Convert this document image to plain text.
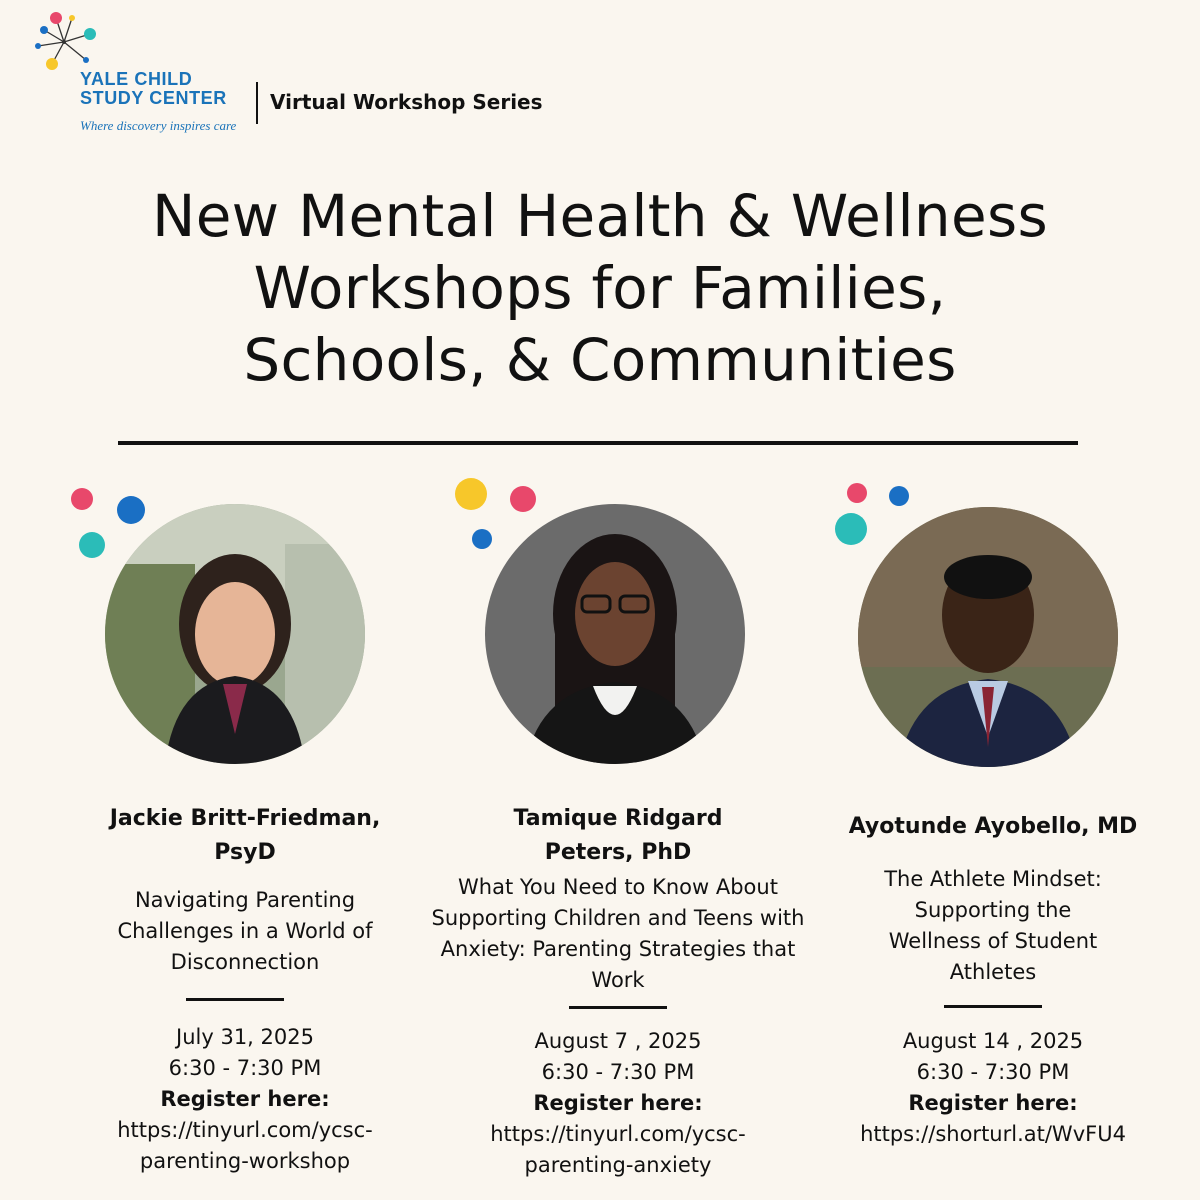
YALE CHILD
STUDY CENTER
Where discovery inspires care
Virtual Workshop Series
New Mental Health & Wellness
Workshops for Families,
Schools, & Communities
Jackie Britt-Friedman,
PsyD
Navigating Parenting
Challenges in a World of
Disconnection
July 31, 2025
6:30 - 7:30 PM
Register here:
https://tinyurl.com/ycsc-
parenting-workshop
Tamique Ridgard
Peters, PhD
What You Need to Know About
Supporting Children and Teens with
Anxiety: Parenting Strategies that
Work
August 7 , 2025
6:30 - 7:30 PM
Register here:
https://tinyurl.com/ycsc-
parenting-anxiety
Ayotunde Ayobello, MD
The Athlete Mindset:
Supporting the
Wellness of Student
Athletes
August 14 , 2025
6:30 - 7:30 PM
Register here:
https://shorturl.at/WvFU4
